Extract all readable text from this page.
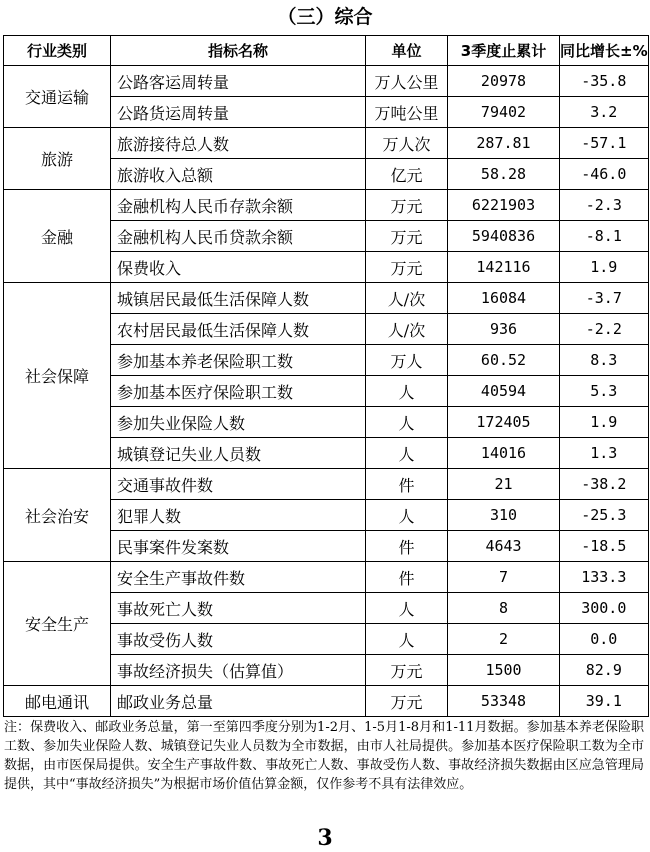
（三）综合
行业类别	指标名称	单位	3季度止累计	同比增长±%
交通运输	公路客运周转量	万人公里	20978	-35.8
	公路货运周转量	万吨公里	79402	3.2
旅游	旅游接待总人数	万人次	287.81	-57.1
	旅游收入总额	亿元	58.28	-46.0
金融	金融机构人民币存款余额	万元	6221903	-2.3
	金融机构人民币贷款余额	万元	5940836	-8.1
	保费收入	万元	142116	1.9
社会保障	城镇居民最低生活保障人数	人/次	16084	-3.7
	农村居民最低生活保障人数	人/次	936	-2.2
	参加基本养老保险职工数	万人	60.52	8.3
	参加基本医疗保险职工数	人	40594	5.3
	参加失业保险人数	人	172405	1.9
	城镇登记失业人员数	人	14016	1.3
社会治安	交通事故件数	件	21	-38.2
	犯罪人数	人	310	-25.3
	民事案件发案数	件	4643	-18.5
安全生产	安全生产事故件数	件	7	133.3
	事故死亡人数	人	8	300.0
	事故受伤人数	人	2	0.0
	事故经济损失（估算值）	万元	1500	82.9
邮电通讯	邮政业务总量	万元	53348	39.1
注：保费收入、邮政业务总量，第一至第四季度分别为1-2月、1-5月1-8月和1-11月数据。参加基本养老保险职工数、参加失业保险人数、城镇登记失业人员数为全市数据，由市人社局提供。参加基本医疗保险职工数为全市数据，由市医保局提供。安全生产事故件数、事故死亡人数、事故受伤人数、事故经济损失数据由区应急管理局提供，其中“事故经济损失”为根据市场价值估算金额，仅作参考不具有法律效应。
3
